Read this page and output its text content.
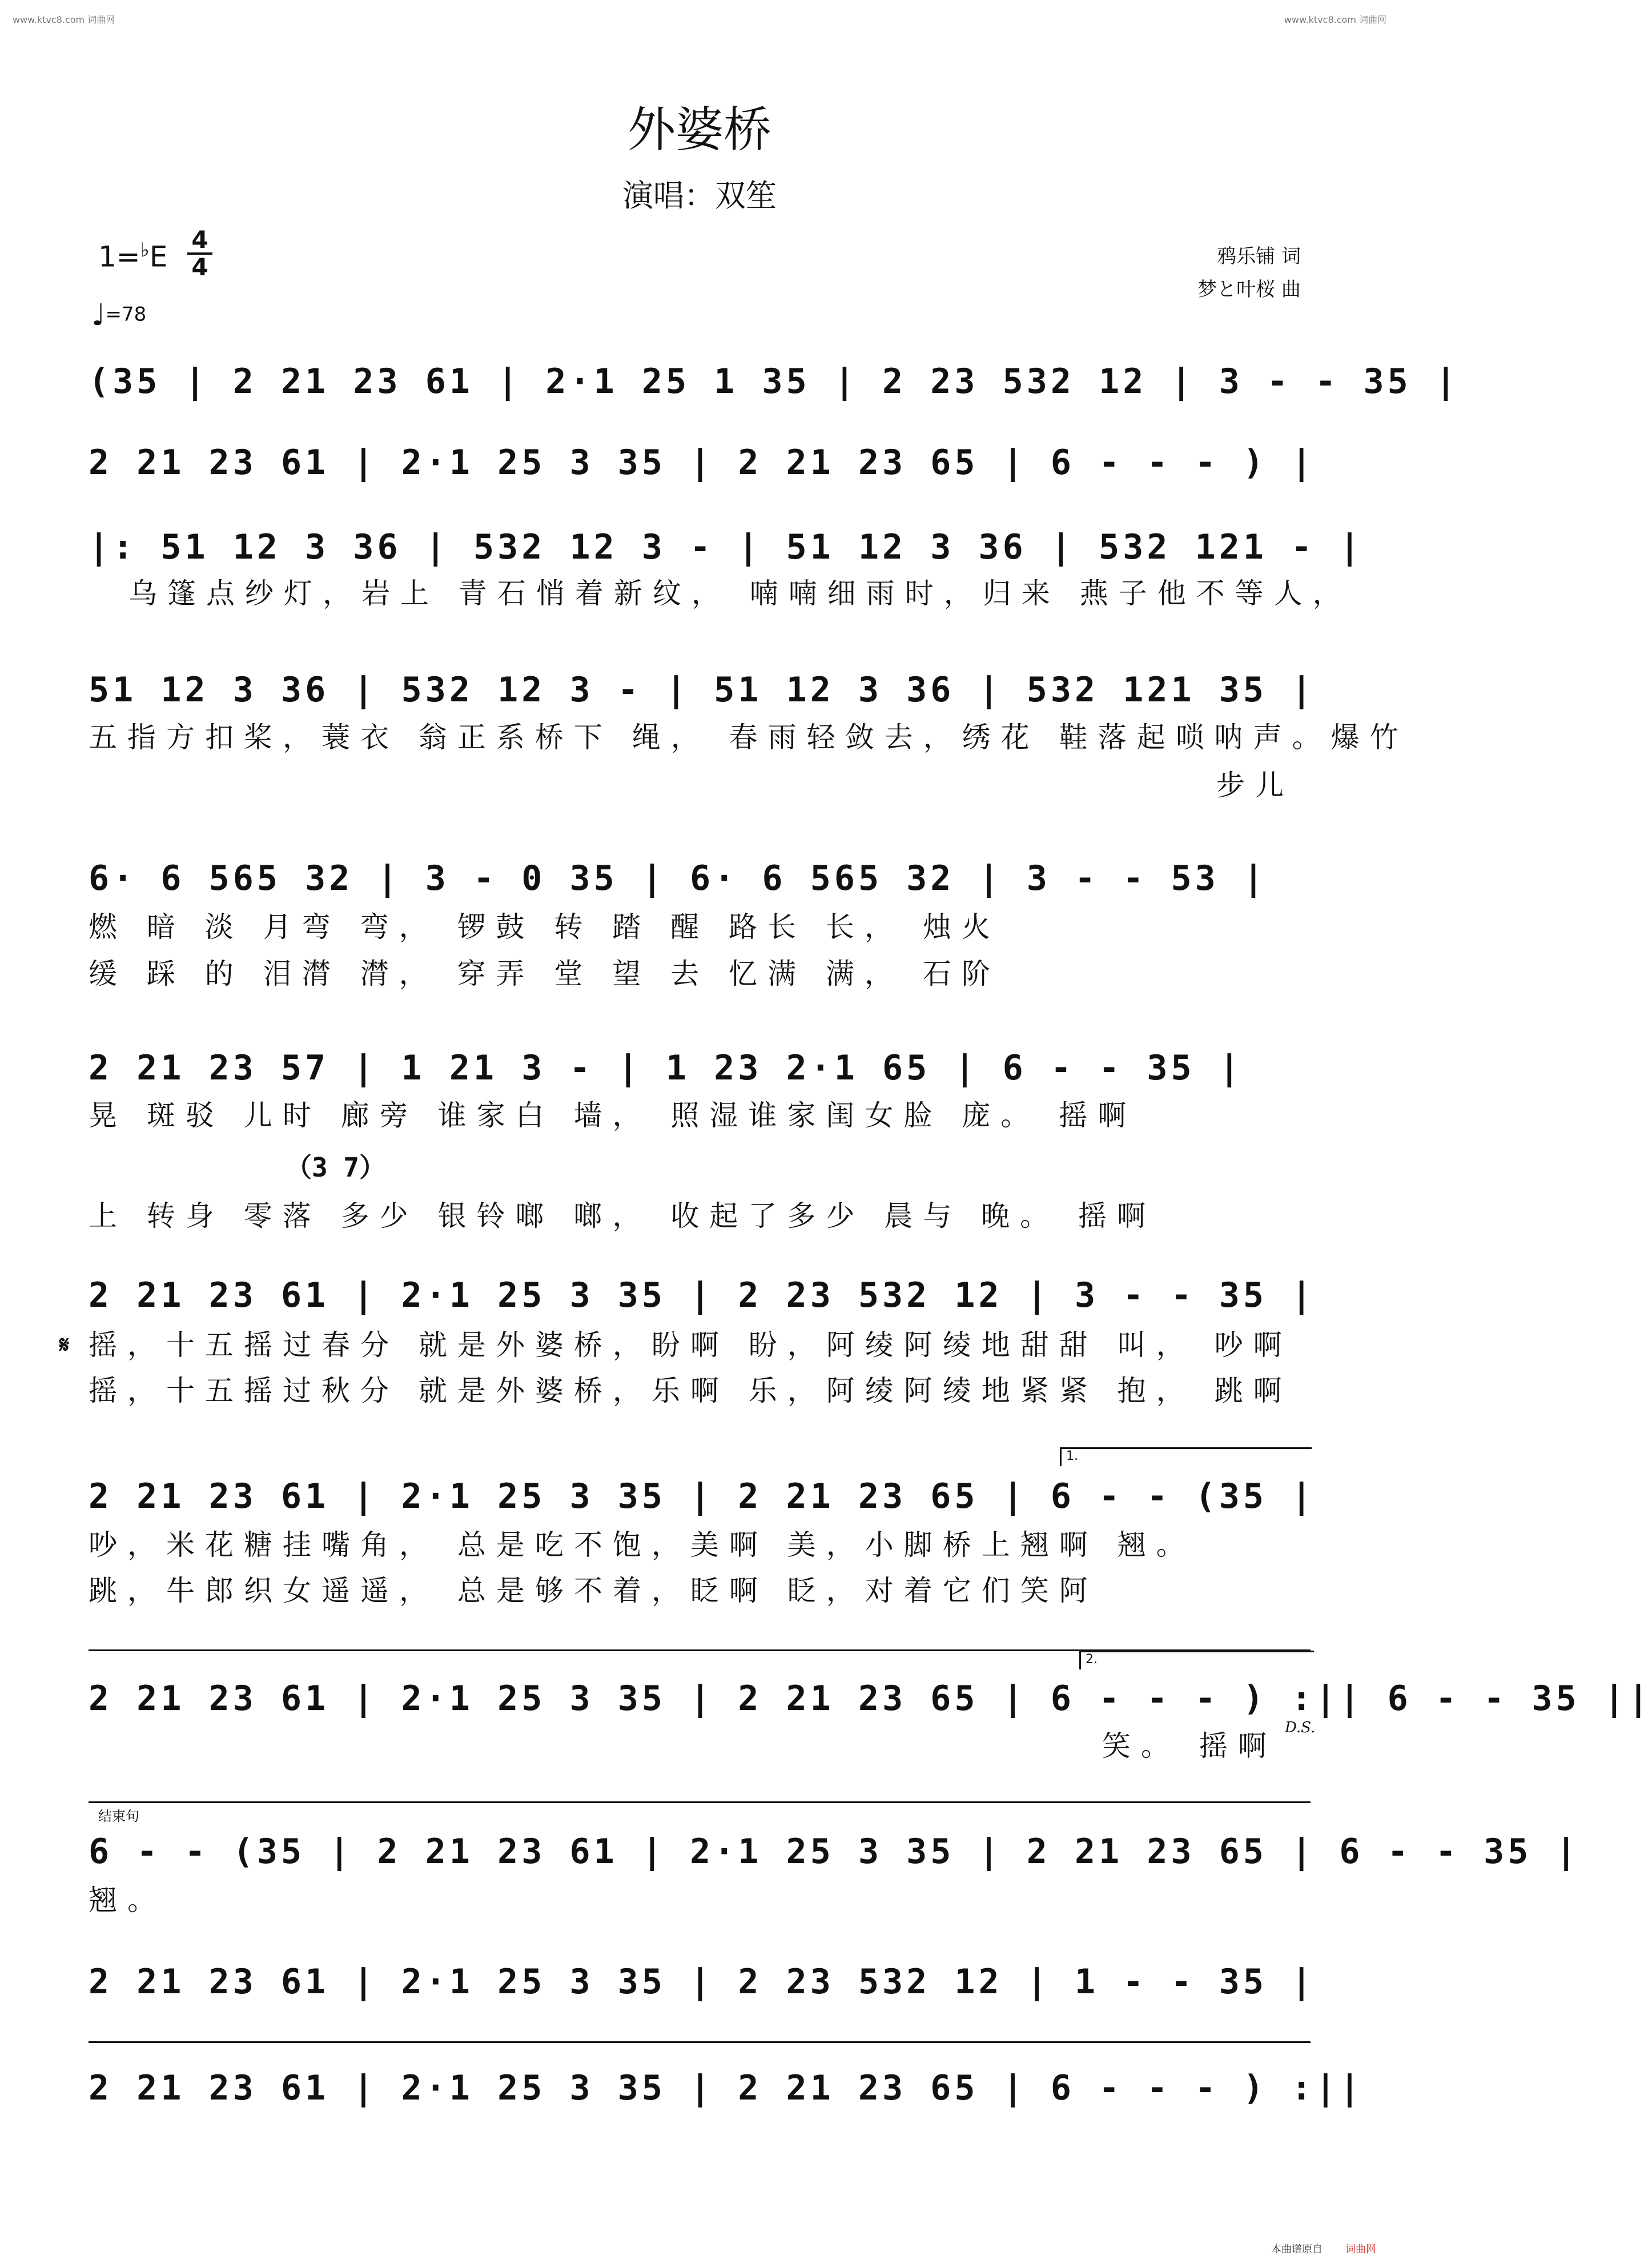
www.ktvc8.com 词曲网	www.ktvc8.com 词曲网
本曲谱原自 词曲网
外婆桥
演唱：双笙
1=♭E
4
4
♩=78
鸦乐铺 词
梦と叶桜 曲
(35 | 2 21 23 61 | 2·1 25 1 35 | 2 23 532 12 | 3 - - 35 |
2 21 23 61 | 2·1 25 3 35 | 2 21 23 65 | 6 - - - ) |
|: 51 12 3 36 | 532 12 3 - | 51 12 3 36 | 532 121 - |
乌篷点纱灯，岩上 青石悄着新纹， 喃喃细雨时，归来 燕子他不等人，
51 12 3 36 | 532 12 3 - | 51 12 3 36 | 532 121 35 |
五指方扣桨，蓑衣 翁正系桥下 绳， 春雨轻敛去，绣花 鞋落起唢呐声。爆竹
步儿
6· 6 565 32 | 3 - 0 35 | 6· 6 565 32 | 3 - - 53 |
燃 暗 淡 月弯 弯， 锣鼓 转 踏 醒 路长 长， 烛火
缓 踩 的 泪潸 潸， 穿弄 堂 望 去 忆满 满， 石阶
2 21 23 57 | 1 21 3 - | 1 23 2·1 65 | 6 - - 35 |
晃 斑驳 儿时 廊旁 谁家白 墙， 照湿谁家闺女脸 庞。 摇啊
（3 7）
上 转身 零落 多少 银铃啷 啷， 收起了多少 晨与 晚。 摇啊
2 21 23 61 | 2·1 25 3 35 | 2 23 532 12 | 3 - - 35 |
𝄋 摇，十五摇过春分 就是外婆桥，盼啊 盼，阿绫阿绫地甜甜 叫， 吵啊
摇，十五摇过秋分 就是外婆桥，乐啊 乐，阿绫阿绫地紧紧 抱， 跳啊
1.
2 21 23 61 | 2·1 25 3 35 | 2 21 23 65 | 6 - - (35 |
吵，米花糖挂嘴角， 总是吃不饱，美啊 美，小脚桥上翘啊 翘。
跳，牛郎织女遥遥， 总是够不着，眨啊 眨，对着它们笑阿
2.
2 21 23 61 | 2·1 25 3 35 | 2 21 23 65 | 6 - - - ) :|| 6 - - 35 ||
D.S.
笑。 摇啊
结束句
6 - - (35 | 2 21 23 61 | 2·1 25 3 35 | 2 21 23 65 | 6 - - 35 |
翘。
2 21 23 61 | 2·1 25 3 35 | 2 23 532 12 | 1 - - 35 |
2 21 23 61 | 2·1 25 3 35 | 2 21 23 65 | 6 - - - ) :||
